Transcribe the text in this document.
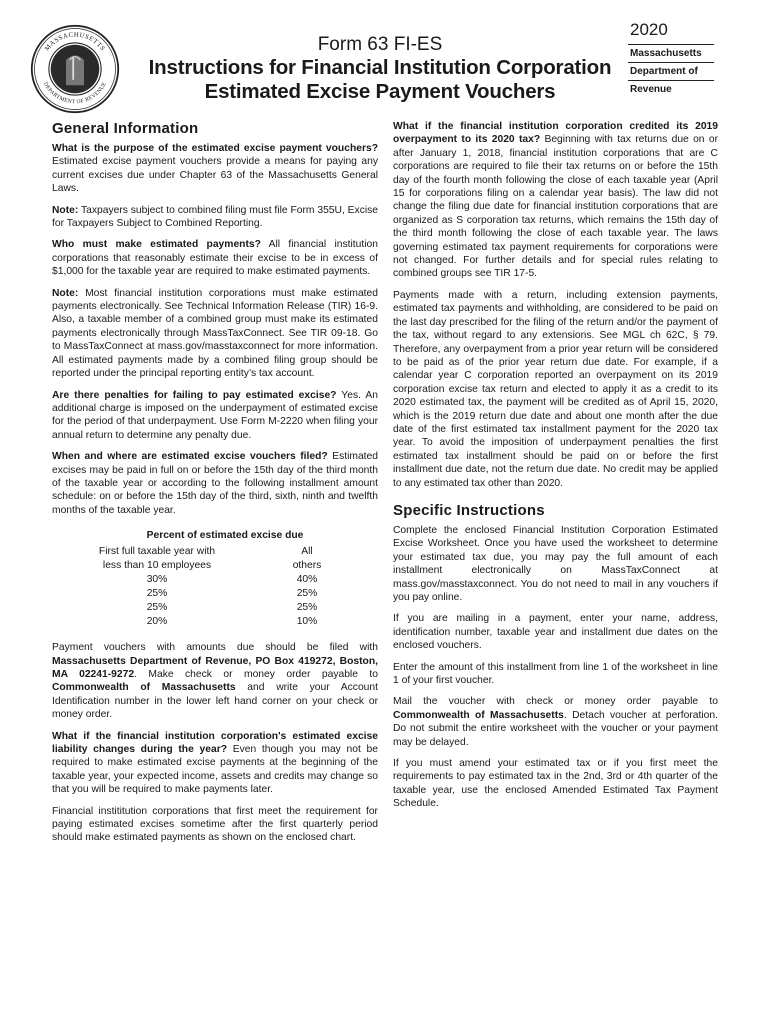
MASSACHUSETTS
DEPARTMENT OF REVENUE
Form 63 FI-ES
Instructions for Financial Institution Corporation
Estimated Excise Payment Vouchers
2020
Massachusetts
Department of
Revenue
General Information

What is the purpose of the estimated excise payment vouchers? Estimated excise payment vouchers provide a means for paying any current excises due under Chapter 63 of the Massachusetts General Laws.

Note: Taxpayers subject to combined filing must file Form 355U, Excise for Taxpayers Subject to Combined Reporting.

Who must make estimated payments? All financial institution corporations that reasonably estimate their excise to be in excess of $1,000 for the taxable year are required to make estimated payments.

Note: Most financial institution corporations must make estimated payments electronically. See Technical Information Release (TIR) 16-9. Also, a taxable member of a combined group must make its estimated payments electronically through MassTaxConnect. See TIR 09-18. Go to MassTaxConnect at mass.gov/masstaxconnect for more information. All estimated payments made by a combined filing group should be reported under the principal reporting entity’s tax account.

Are there penalties for failing to pay estimated excise? Yes. An additional charge is imposed on the underpayment of estimated excise for the period of that underpayment. Use Form M-2220 when filing your annual return to determine any penalty due.

When and where are estimated excise vouchers filed? Estimated excises may be paid in full on or before the 15th day of the third month of the taxable year or according to the following installment amount schedule: on or before the 15th day of the third, sixth, ninth and twelfth months of the taxable year.

Percent of estimated excise due
First full taxable year with	All
less than 10 employees	others
30%	40%
25%	25%
25%	25%
20%	10%

Payment vouchers with amounts due should be filed with Massachusetts Department of Revenue, PO Box 419272, Boston, MA 02241-9272. Make check or money order payable to Commonwealth of Massachusetts and write your Account Identification number in the lower left hand corner on your check or money order.

What if the financial institution corporation's estimated excise liability changes during the year? Even though you may not be required to make estimated excise payments at the beginning of the taxable year, your expected income, assets and credits may change so that you will be required to make payments later.

Financial instititution corporations that first meet the requirement for paying estimated excises sometime after the first quarterly period should make estimated payments as shown on the enclosed chart.

What if the financial institution corporation credited its 2019 overpayment to its 2020 tax? Beginning with tax returns due on or after January 1, 2018, financial institution corporations that are C corporations are required to file their tax returns on or before the 15th day of the fourth month following the close of each taxable year (April 15 for corporations filing on a calendar year basis). The law did not change the filing due date for financial institution corporations that are organized as S corporation tax returns, which remains the 15th day of the third month following the close of each taxable year. The laws governing estimated tax payment requirements for corporations were not changed. For further details and for special rules relating to combined groups see TIR 17-5.

Payments made with a return, including extension payments, estimated tax payments and withholding, are considered to be paid on the last day prescribed for the filing of the return and/or the payment of the tax, without regard to any extensions. See MGL ch 62C, § 79. Therefore, any overpayment from a prior year return will be considered to be paid as of the prior year return due date. For example, if a calendar year C corporation reported an overpayment on its 2019 corporation excise tax return and elected to apply it as a credit to its 2020 estimated tax, the payment will be credited as of April 15, 2020, which is the 2019 return due date and about one month after the due date of the first estimated tax installment payment for the 2020 tax year. To avoid the imposition of underpayment penalties the first estimated tax installment should be paid on or before the first installment due date, not the return due date. No credit may be applied to any estimated tax other than 2020.

Specific Instructions

Complete the enclosed Financial Institution Corporation Estimated Excise Worksheet. Once you have used the worksheet to determine your estimated tax due, you may pay the full amount of each installment electronically on MassTaxConnect at mass.gov/masstaxconnect. You do not need to mail in any vouchers if you pay online.

If you are mailing in a payment, enter your name, address, identification number, taxable year and installment due dates on the enclosed vouchers.

Enter the amount of this installment from line 1 of the worksheet in line 1 of your first voucher.

Mail the voucher with check or money order payable to Commonwealth of Massachusetts. Detach voucher at perforation. Do not submit the entire worksheet with the voucher or your payment may be delayed.

If you must amend your estimated tax or if you first meet the requirements to pay estimated tax in the 2nd, 3rd or 4th quarter of the taxable year, use the enclosed Amended Estimated Tax Payment Schedule.
